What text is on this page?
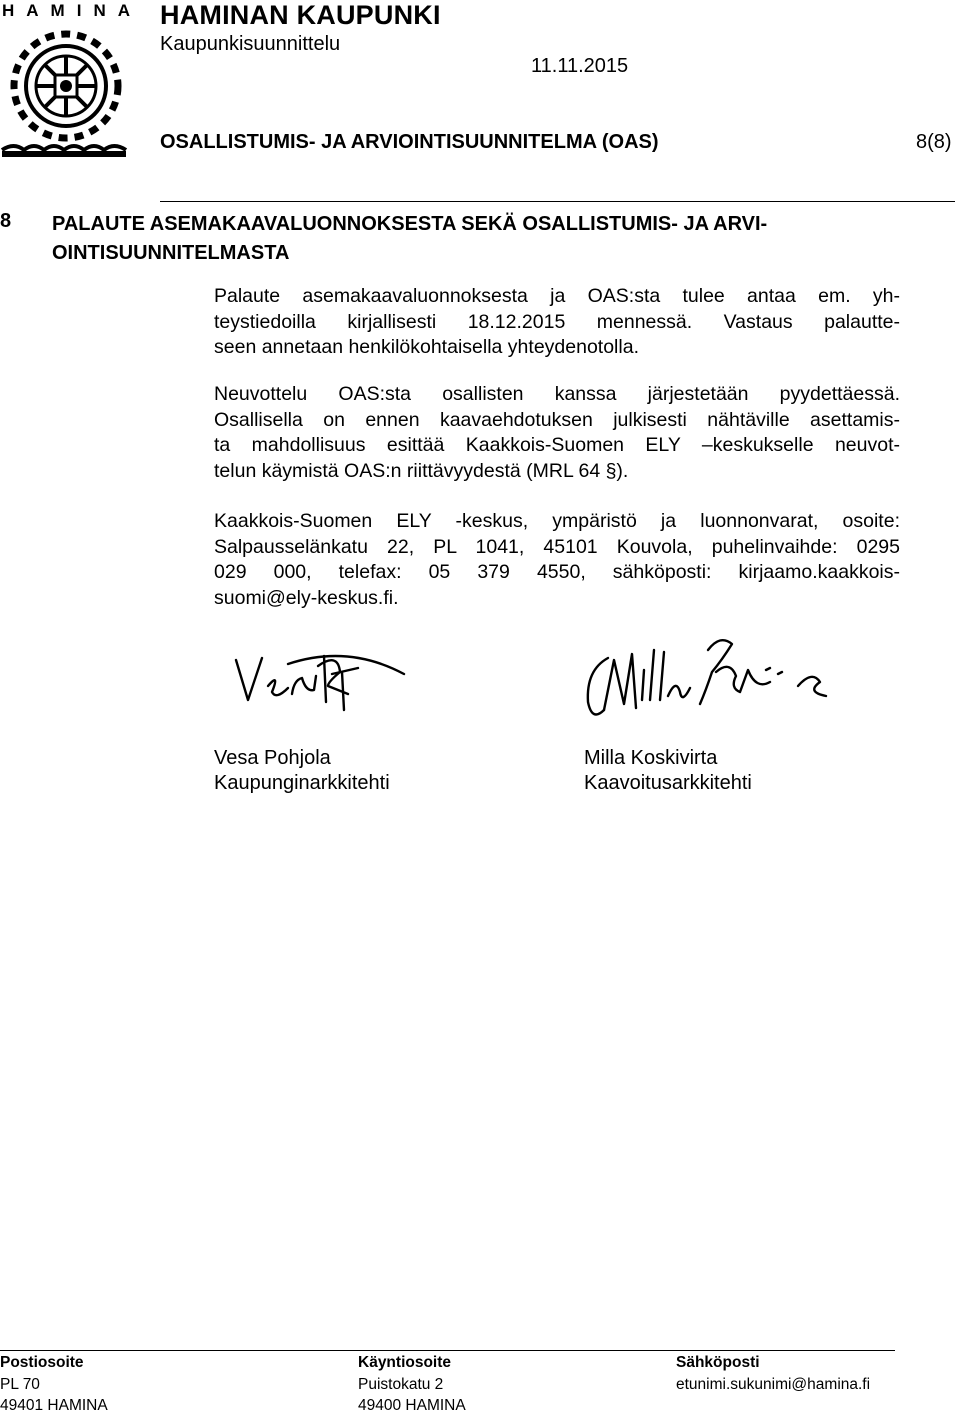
HAMINA HAMINAN KAUPUNKI
Kaupunkisuunnittelu
11.11.2015
OSALLISTUMIS- JA ARVIOINTISUUNNITELMA (OAS)	8(8)
8 PALAUTE ASEMAKAAVALUONNOKSESTA SEKÄ OSALLISTUMIS- JA ARVI-
OINTISUUNNITELMASTA
Palaute asemakaavaluonnoksesta ja OAS:sta tulee antaa em. yh-
teystiedoilla kirjallisesti 18.12.2015 mennessä. Vastaus palautte-
seen annetaan henkilökohtaisella yhteydenotolla.
Neuvottelu OAS:sta osallisten kanssa järjestetään pyydettäessä.
Osallisella on ennen kaavaehdotuksen julkisesti nähtäville asettamis-
ta mahdollisuus esittää Kaakkois-Suomen ELY –keskukselle neuvot-
telun käymistä OAS:n riittävyydestä (MRL 64 §).
Kaakkois-Suomen ELY -keskus, ympäristö ja luonnonvarat, osoite:
Salpausselänkatu 22, PL 1041, 45101 Kouvola, puhelinvaihde: 0295
029 000, telefax: 05 379 4550, sähköposti: kirjaamo.kaakkois-
suomi@ely-keskus.fi.
Vesa Pohjola
Kaupunginarkkitehti
Milla Koskivirta
Kaavoitusarkkitehti
Postiosoite
PL 70
49401 HAMINA
Käyntiosoite
Puistokatu 2
49400 HAMINA
Sähköposti
etunimi.sukunimi@hamina.fi
